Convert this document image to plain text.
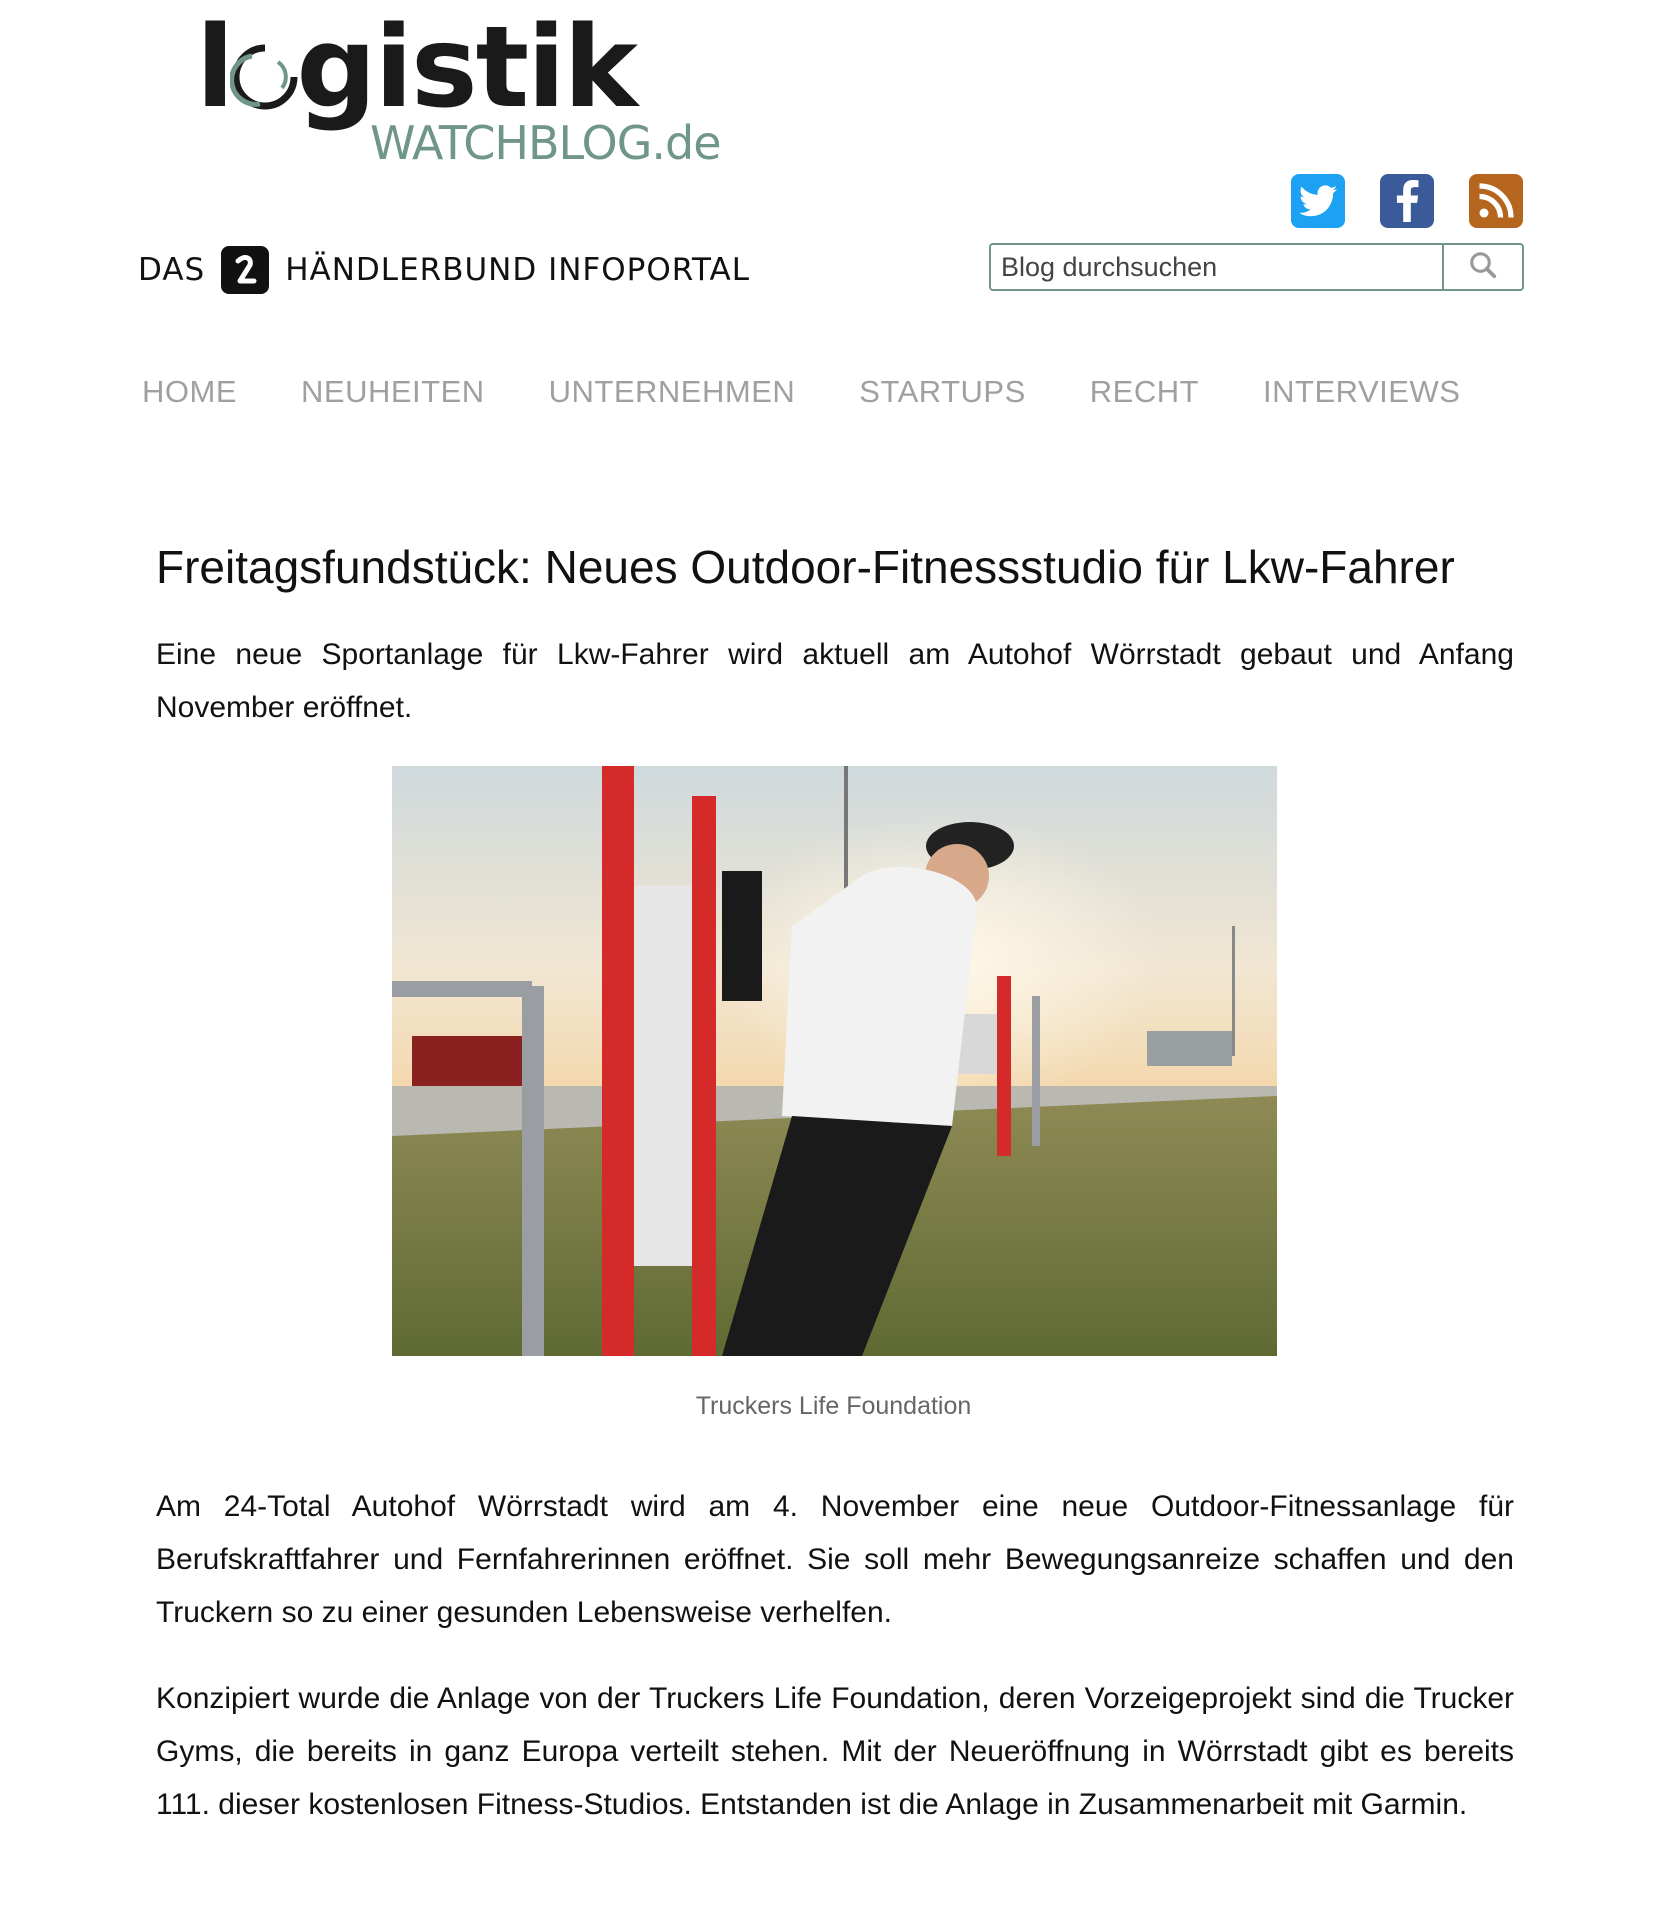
l gistik
WATCHBLOG.de
DAS	HÄNDLERBUND INFOPORTAL
Blog durchsuchen
HOME NEUHEITEN UNTERNEHMEN STARTUPS RECHT INTERVIEWS
Freitagsfundstück: Neues Outdoor-Fitnessstudio für Lkw-Fahrer

Eine neue Sportanlage für Lkw-Fahrer wird aktuell am Autohof Wörrstadt gebaut und Anfang November eröffnet.

Truckers Life Foundation

Am 24-Total Autohof Wörrstadt wird am 4. November eine neue Outdoor-Fitnessanlage für Berufskraftfahrer und Fernfahrerinnen eröffnet. Sie soll mehr Bewegungsanreize schaffen und den Truckern so zu einer gesunden Lebensweise verhelfen.

Konzipiert wurde die Anlage von der Truckers Life Foundation, deren Vorzeigeprojekt sind die Trucker Gyms, die bereits in ganz Europa verteilt stehen. Mit der Neueröffnung in Wörrstadt gibt es bereits 111. dieser kostenlosen Fitness-Studios. Entstanden ist die Anlage in Zusammenarbeit mit Garmin.
